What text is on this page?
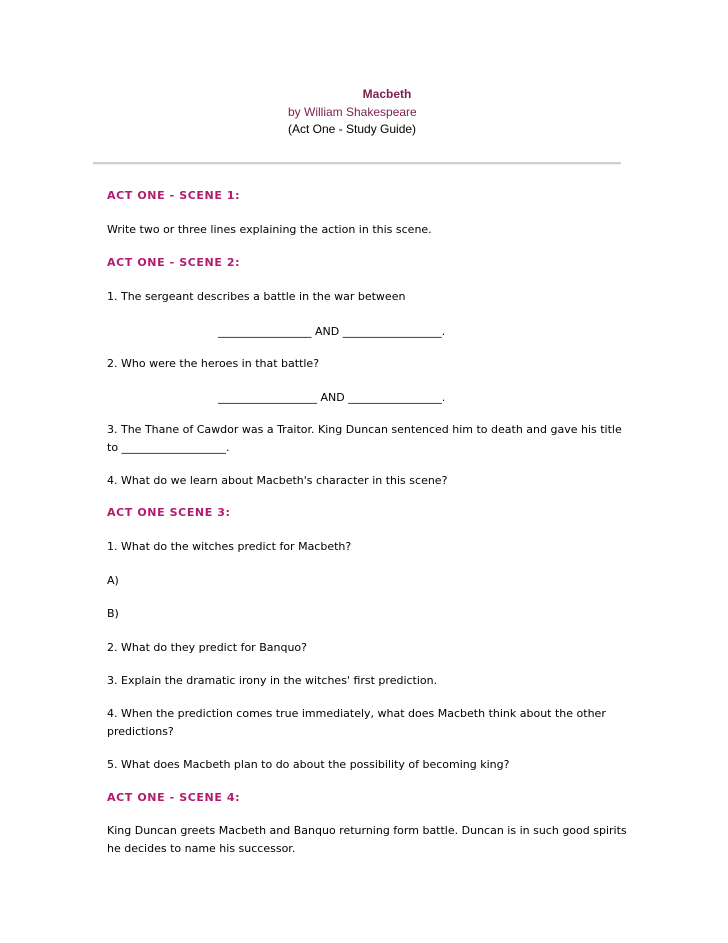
Macbeth
by William Shakespeare
(Act One - Study Guide)
ACT ONE - SCENE 1:
Write two or three lines explaining the action in this scene.
ACT ONE - SCENE 2:
1. The sergeant describes a battle in the war between
_________________ AND __________________.
2. Who were the heroes in that battle?
__________________ AND _________________.
3. The Thane of Cawdor was a Traitor. King Duncan sentenced him to death and gave his title
to ___________________.
4. What do we learn about Macbeth's character in this scene?
ACT ONE SCENE 3:
1. What do the witches predict for Macbeth?
A)
B)
2. What do they predict for Banquo?
3. Explain the dramatic irony in the witches' first prediction.
4. When the prediction comes true immediately, what does Macbeth think about the other
predictions?
5. What does Macbeth plan to do about the possibility of becoming king?
ACT ONE - SCENE 4:
King Duncan greets Macbeth and Banquo returning form battle. Duncan is in such good spirits
he decides to name his successor.
